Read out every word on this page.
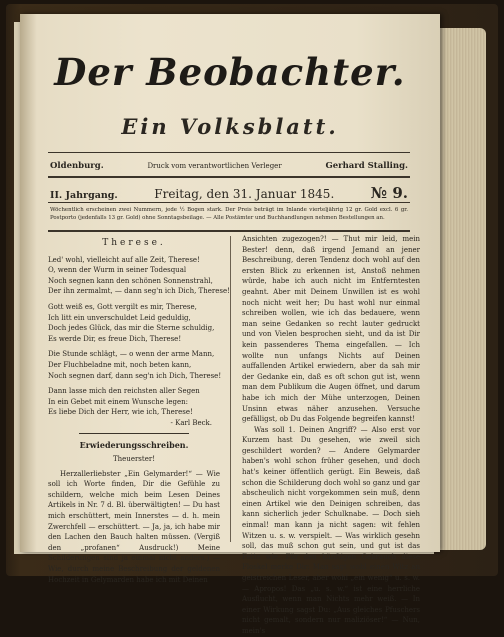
Der Beobachter.
Ein Volksblatt.
Oldenburg.	Druck vom verantwortlichen Verleger	Gerhard Stalling.
II. Jahrgang.	Freitag, den 31. Januar 1845. № 9.
Wöchentlich erscheinen zwei Nummern, jede ½ Bogen stark. Der Preis beträgt im Inlande vierteljährig 12 gr. Gold excl. 6 gr. Postporto (jedenfalls 13 gr. Gold) ohne Sonntagsbeilage. — Alle Postämter und Buchhandlungen nehmen Bestellungen an.
Therese.
Led' wohl, vielleicht auf alle Zeit, Therese!
O, wenn der Wurm in seiner Todesqual
Noch segnen kann den schönen Sonnenstrahl,
Der ihn zermalmt, — dann seg'n ich Dich, Therese!
Gott weiß es, Gott vergilt es mir, Therese,
Ich litt ein unverschuldet Leid geduldig,
Doch jedes Glück, das mir die Sterne schuldig,
Es werde Dir, es freue Dich, Therese!
Die Stunde schlägt, — o wenn der arme Mann,
Der Fluchbeladne mit, noch beten kann,
Noch segnen darf, dann seg'n ich Dich, Therese!
Dann lasse mich den reichsten aller Segen
In ein Gebet mit einem Wunsche legen:
Es liebe Dich der Herr, wie ich, Therese!
- Karl Beck.
Erwiederungsschreiben.
Theuerster!
Herzallerliebster „Ein Gelymarder!“ — Wie soll ich Worte finden, Dir die Gefühle zu schildern, welche mich beim Lesen Deines Artikels in Nr. 7 d. Bl. überwältigten! — Du hast mich erschüttert, mein Innerstes — d. h. mein Zwerchfell — erschüttert. — Ja, ja, ich habe mir den Lachen den Bauch halten müssen. (Vergiß den „profanen“ Ausdruck!) Meine Schilderungen sind ja einmal nicht anders.) — Wie, durch meine Beschreibung der geldenen Hochzeit in Gelymarden habe ich mit Deinen
Ansichten zugezogen?! — Thut mir leid, mein Bester! denn, daß irgend Jemand an jener Beschreibung, deren Tendenz doch wohl auf den ersten Blick zu erkennen ist, Anstoß nehmen würde, habe ich auch nicht im Entferntesten geahnt. Aber mit Deinem Unwillen ist es wohl noch nicht weit her; Du hast wohl nur einmal schreiben wollen, wie ich das bedauere, wenn man seine Gedanken so recht lauter gedruckt und von Vielen besprochen sieht, und da ist Dir kein passenderes Thema eingefallen. — Ich wollte nun unfangs Nichts auf Deinen auffallenden Artikel erwiedern, aber da sah mir der Gedanke ein, daß es oft schon gut ist, wenn man dem Publikum die Augen öffnet, und darum habe ich mich der Mühe unterzogen, Deinen Unsinn etwas näher anzusehen. Versuche gefälligst, ob Du das Folgende begreifen kannst!
Was soll 1. Deinen Angriff? — Also erst vor Kurzem hast Du gesehen, wie zweil sich geschildert worden? — Andere Gelymarder haben's wohl schon früher gesehen, und doch hat's keiner öffentlich gerügt. Ein Beweis, daß schon die Schilderung doch wohl so ganz und gar abscheulich nicht vorgekommen sein muß, denn einen Artikel wie den Deinigen schreiben, das kann sicherlich jeder Schulknabe. — Doch sieh einmal! man kann ja nicht sagen: wit fehlen Witzen u. s. w. verspielt. — Was wirklich gesehn soll, das muß schon gut sein, und gut ist das Fette wie. Für den künftigen Gebrauch diese Floskel merke Dir: Man sagt wohl einen Witz an geistreichen Leser, aber wohl „ein wenig“ u. s. w. — Apropos! Das „u. s. w.“ ist eine herrliche Ausflucht, wenn man Nichts mehr weiß. — In einer Wirkung sagst Du: „Aus gleiches Pfuschers nicht gemalt, sondern nur maliziöser!“ — Nun, mein's
